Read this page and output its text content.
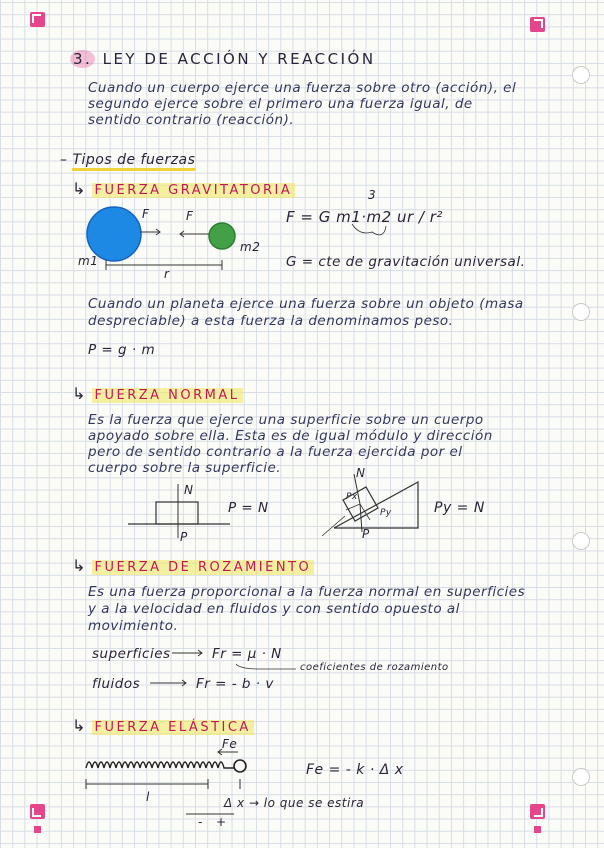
3. LEY DE ACCIÓN Y REACCIÓN
Cuando un cuerpo ejerce una fuerza sobre otro (acción), el
segundo ejerce sobre el primero una fuerza igual, de
sentido contrario (reacción).
– Tipos de fuerzas
↳ FUERZA GRAVITATORIA
F = G m1·m2 ur / r²
3
F	F
m1
m2
r
G = cte de gravitación universal.
Cuando un planeta ejerce una fuerza sobre un objeto (masa
despreciable) a esta fuerza la denominamos peso.
P = g · m
↳ FUERZA NORMAL
Es la fuerza que ejerce una superficie sobre un cuerpo
apoyado sobre ella. Esta es de igual módulo y dirección
pero de sentido contrario a la fuerza ejercida por el
cuerpo sobre la superficie.
N
P
P = N
N
P
Px
Py	Py = N
↳ FUERZA DE ROZAMIENTO
Es una fuerza proporcional a la fuerza normal en superficies
y a la velocidad en fluidos y con sentido opuesto al
movimiento.
superficies	Fr = μ · N
coeficientes de rozamiento
fluidos	Fr = - b · v
↳ FUERZA ELÁSTICA
Fe
Fe = - k · Δ x
l	Δ x → lo que se estira
- +
